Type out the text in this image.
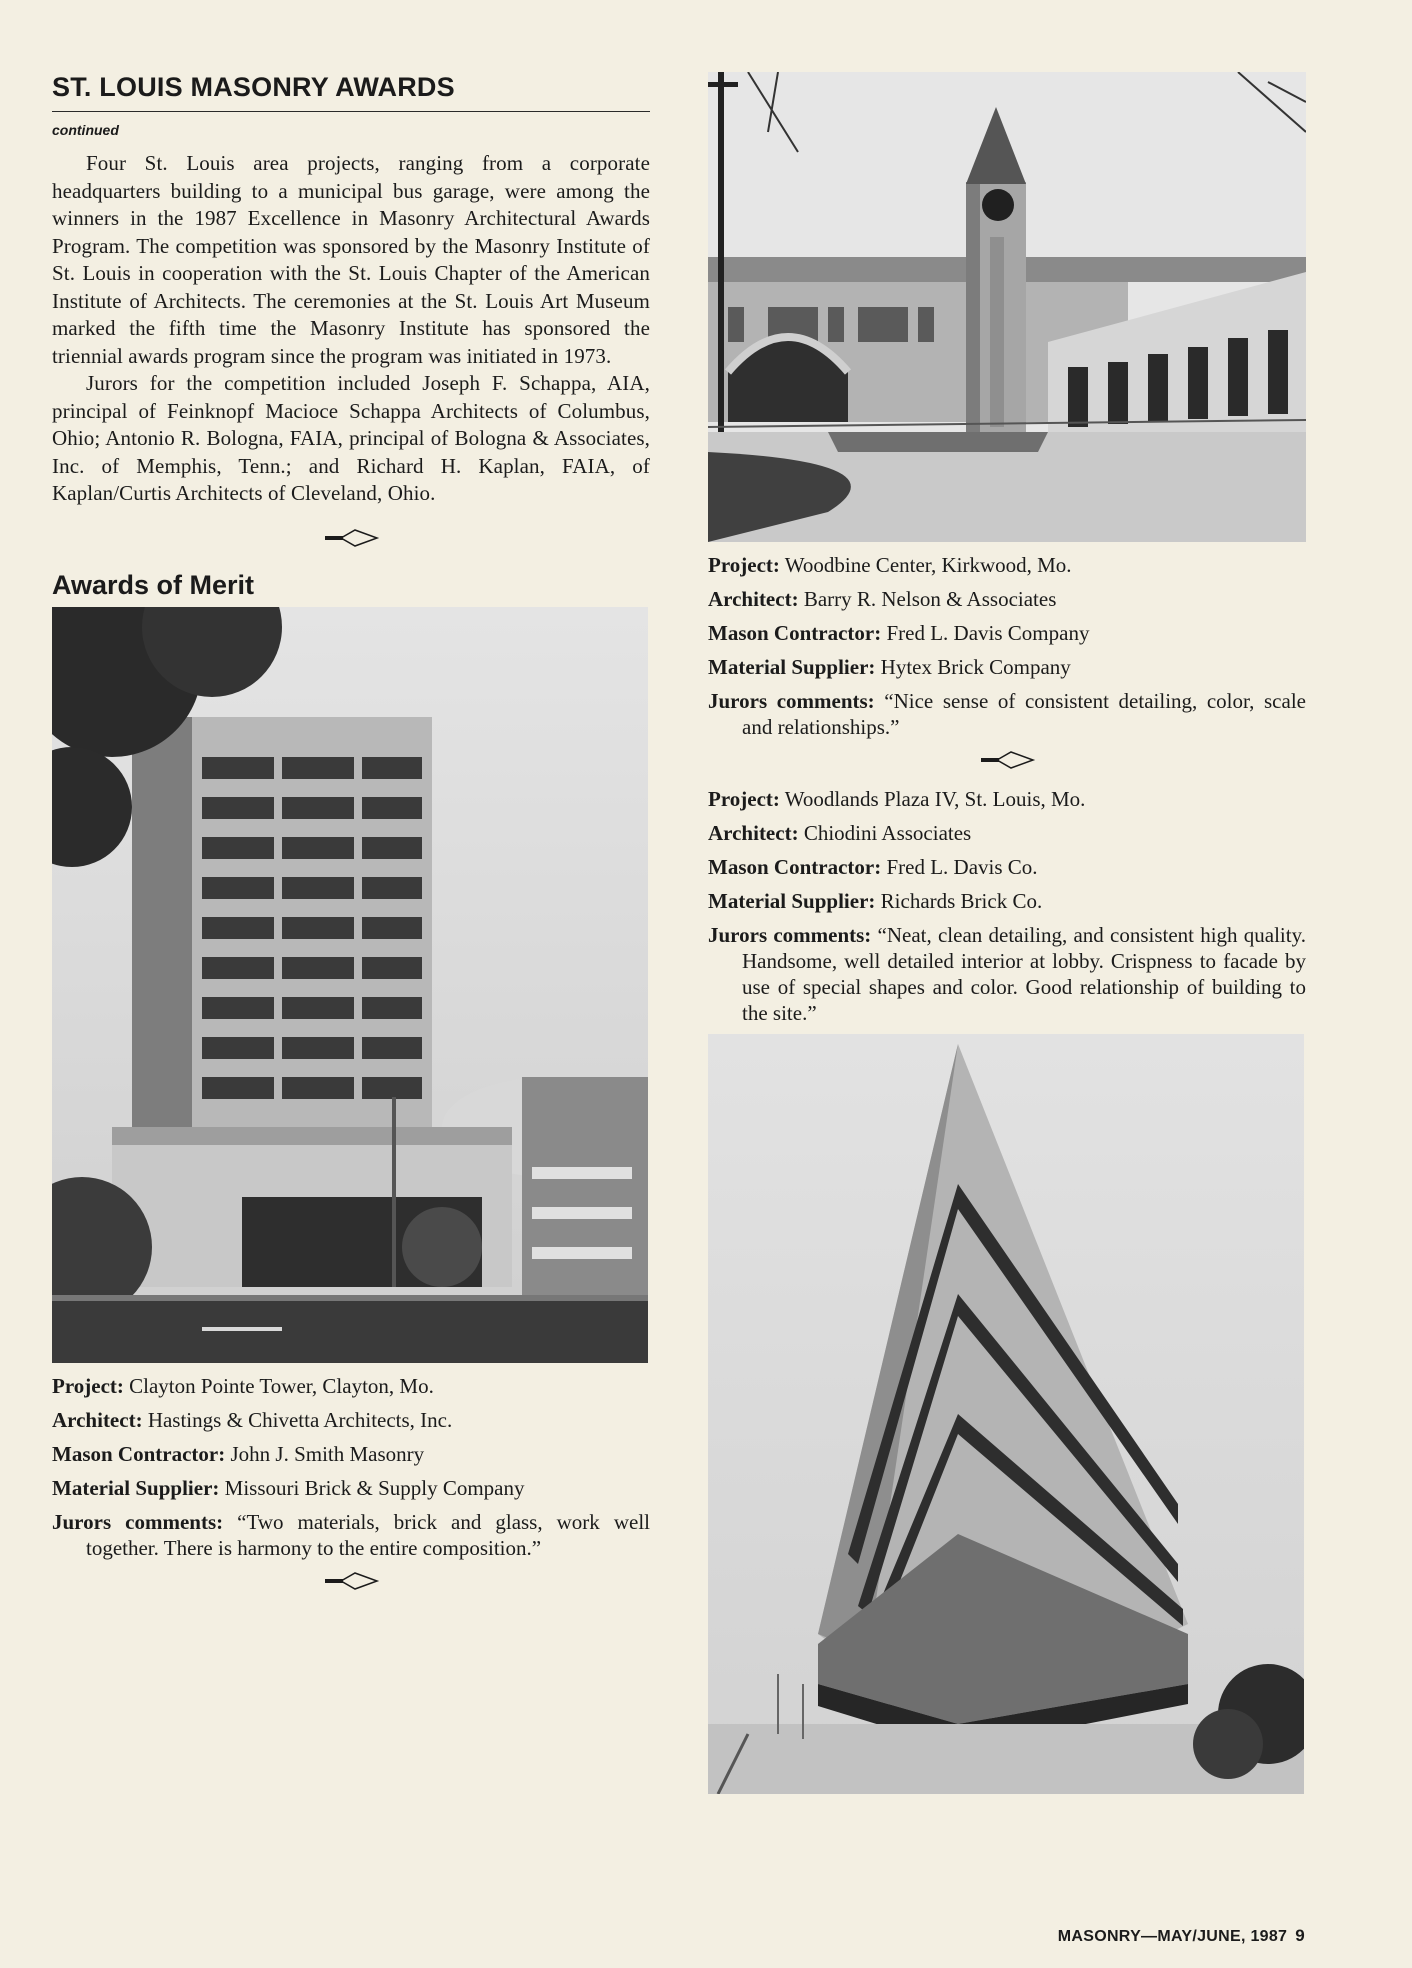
ST. LOUIS MASONRY AWARDS
continued

Four St. Louis area projects, ranging from a corporate headquarters building to a municipal bus garage, were among the winners in the 1987 Excellence in Masonry Architectural Awards Program. The competition was sponsored by the Masonry Institute of St. Louis in cooperation with the St. Louis Chapter of the American Institute of Architects. The ceremonies at the St. Louis Art Museum marked the fifth time the Masonry Institute has sponsored the triennial awards program since the program was initiated in 1973.

Jurors for the competition included Joseph F. Schappa, AIA, principal of Feinknopf Macioce Schappa Architects of Columbus, Ohio; Antonio R. Bologna, FAIA, principal of Bologna & Associates, Inc. of Memphis, Tenn.; and Richard H. Kaplan, FAIA, of Kaplan/Curtis Architects of Cleveland, Ohio.

Awards of Merit

Project: Clayton Pointe Tower, Clayton, Mo.

Architect: Hastings & Chivetta Architects, Inc.

Mason Contractor: John J. Smith Masonry

Material Supplier: Missouri Brick & Supply Company

Jurors comments: “Two materials, brick and glass, work well together. There is harmony to the entire composition.”

Project: Woodbine Center, Kirkwood, Mo.

Architect: Barry R. Nelson & Associates

Mason Contractor: Fred L. Davis Company

Material Supplier: Hytex Brick Company

Jurors comments: “Nice sense of consistent detailing, color, scale and relationships.”

Project: Woodlands Plaza IV, St. Louis, Mo.

Architect: Chiodini Associates

Mason Contractor: Fred L. Davis Co.

Material Supplier: Richards Brick Co.

Jurors comments: “Neat, clean detailing, and consistent high quality. Handsome, well detailed interior at lobby. Crispness to facade by use of special shapes and color. Good relationship of building to the site.”

MASONRY—MAY/JUNE, 1987 9
